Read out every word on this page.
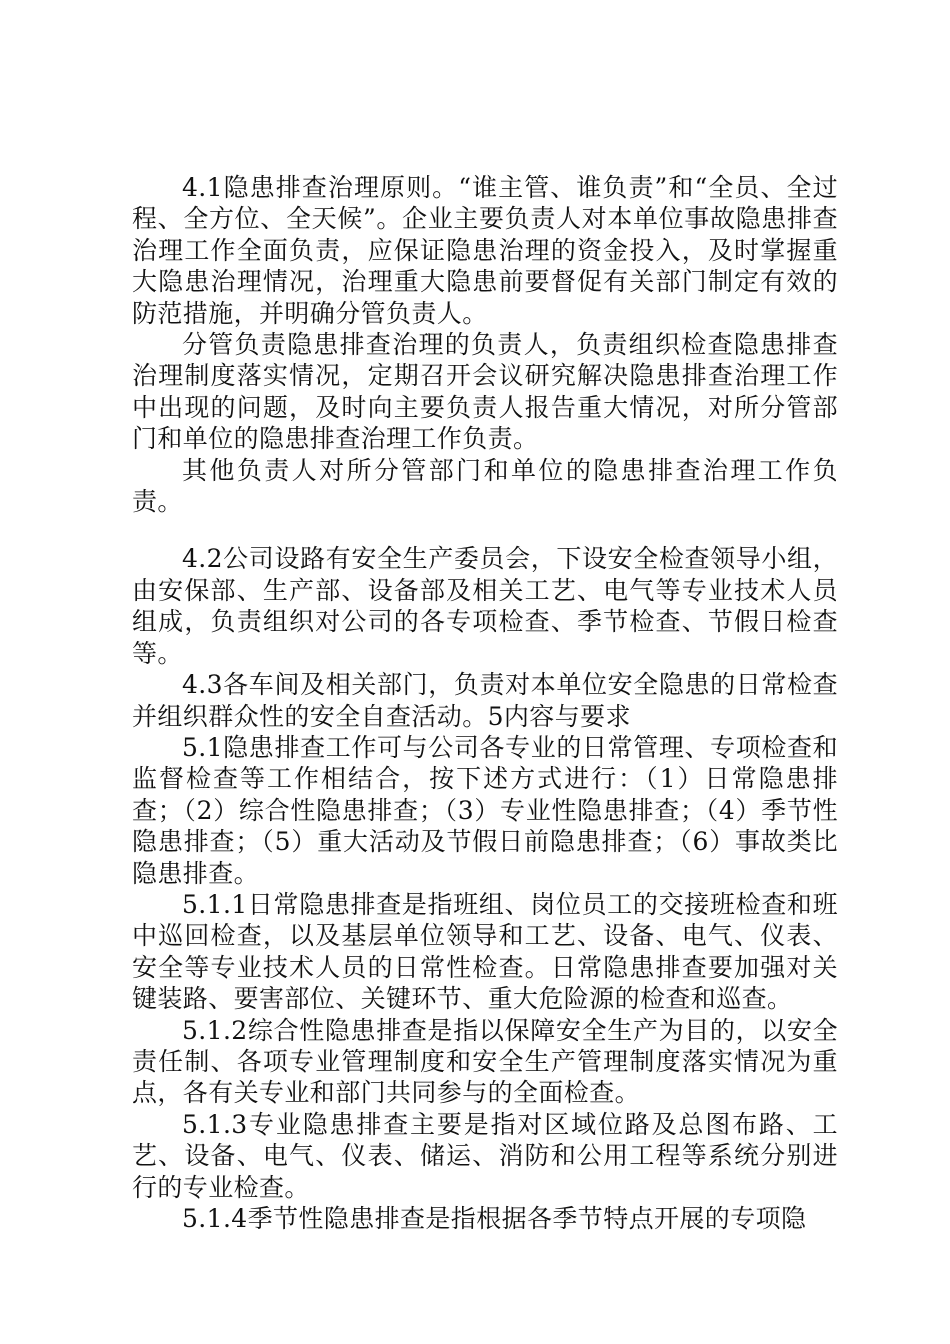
4.1隐患排查治理原则。“谁主管、谁负责”和“全员、全过程、全方位、全天候”。企业主要负责人对本单位事故隐患排查治理工作全面负责，应保证隐患治理的资金投入，及时掌握重大隐患治理情况，治理重大隐患前要督促有关部门制定有效的防范措施，并明确分管负责人。

分管负责隐患排查治理的负责人，负责组织检查隐患排查治理制度落实情况，定期召开会议研究解决隐患排查治理工作中出现的问题，及时向主要负责人报告重大情况，对所分管部门和单位的隐患排查治理工作负责。

其他负责人对所分管部门和单位的隐患排查治理工作负责。

4.2公司设路有安全生产委员会，下设安全检查领导小组，由安保部、生产部、设备部及相关工艺、电气等专业技术人员组成，负责组织对公司的各专项检查、季节检查、节假日检查等。

4.3各车间及相关部门，负责对本单位安全隐患的日常检查并组织群众性的安全自查活动。5内容与要求

5.1隐患排查工作可与公司各专业的日常管理、专项检查和监督检查等工作相结合，按下述方式进行：（1）日常隐患排查；（2）综合性隐患排查；（3）专业性隐患排查；（4）季节性隐患排查；（5）重大活动及节假日前隐患排查；（6）事故类比隐患排查。

5.1.1日常隐患排查是指班组、岗位员工的交接班检查和班中巡回检查，以及基层单位领导和工艺、设备、电气、仪表、安全等专业技术人员的日常性检查。日常隐患排查要加强对关键装路、要害部位、关键环节、重大危险源的检查和巡查。

5.1.2综合性隐患排查是指以保障安全生产为目的，以安全责任制、各项专业管理制度和安全生产管理制度落实情况为重点，各有关专业和部门共同参与的全面检查。

5.1.3专业隐患排查主要是指对区域位路及总图布路、工艺、设备、电气、仪表、储运、消防和公用工程等系统分别进行的专业检查。

5.1.4季节性隐患排查是指根据各季节特点开展的专项隐
